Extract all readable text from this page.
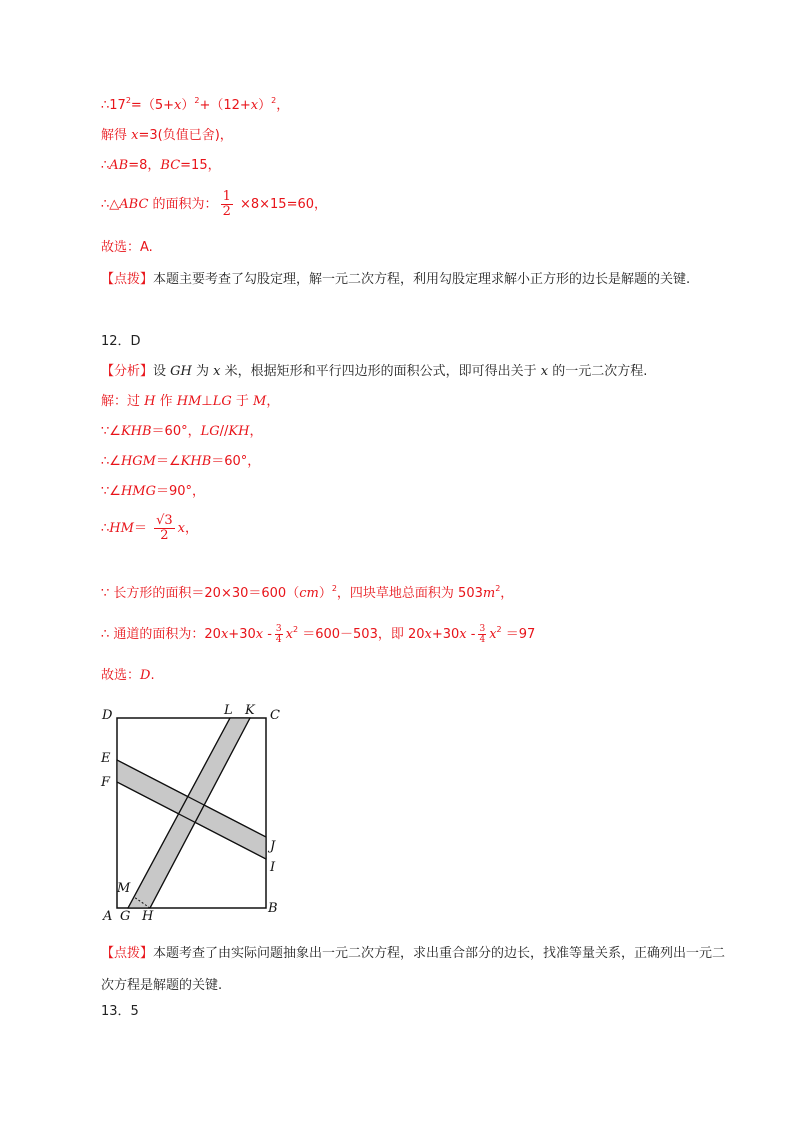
$\therefore 17^2=(5+x)^2+(12+x)^2$，
解得 x=3(负值已舍)，
∴AB=8，BC=15，
∴△ABC 的面积为： $\frac{1}{2} \times 8\times 15=60$，
故选：A.
【点拨】本题主要考查了勾股定理，解一元二次方程，利用勾股定理求解小正方形的边长是解题的关键.
12．D
【分析】设 GH 为 x 米，根据矩形和平行四边形的面积公式，即可得出关于 x 的一元二次方程.
解：过 H 作 HM⊥LG 于 M，
∵∠KHB＝60°，LG//KH，
∴∠HGM＝∠KHB＝60°，
∵∠HMG＝90°，
∴HM＝ $\frac{√3}{2}$ x，
∵ 长方形的面积＝20×30＝600（cm）$^2$，四块草地总面积为 $503m^2$，
∴ 通道的面积为：$20x+30x - \frac{3}{4} x^2 =600-503$，即 $20x+30x - \frac{3}{4} x^2 =97$
故选：D.
D	L K C
E
F
J
I
M
A G H
B
【点拨】本题考查了由实际问题抽象出一元二次方程，求出重合部分的边长，找准等量关系，正确列出一元二次方程是解题的关键.
13．5
